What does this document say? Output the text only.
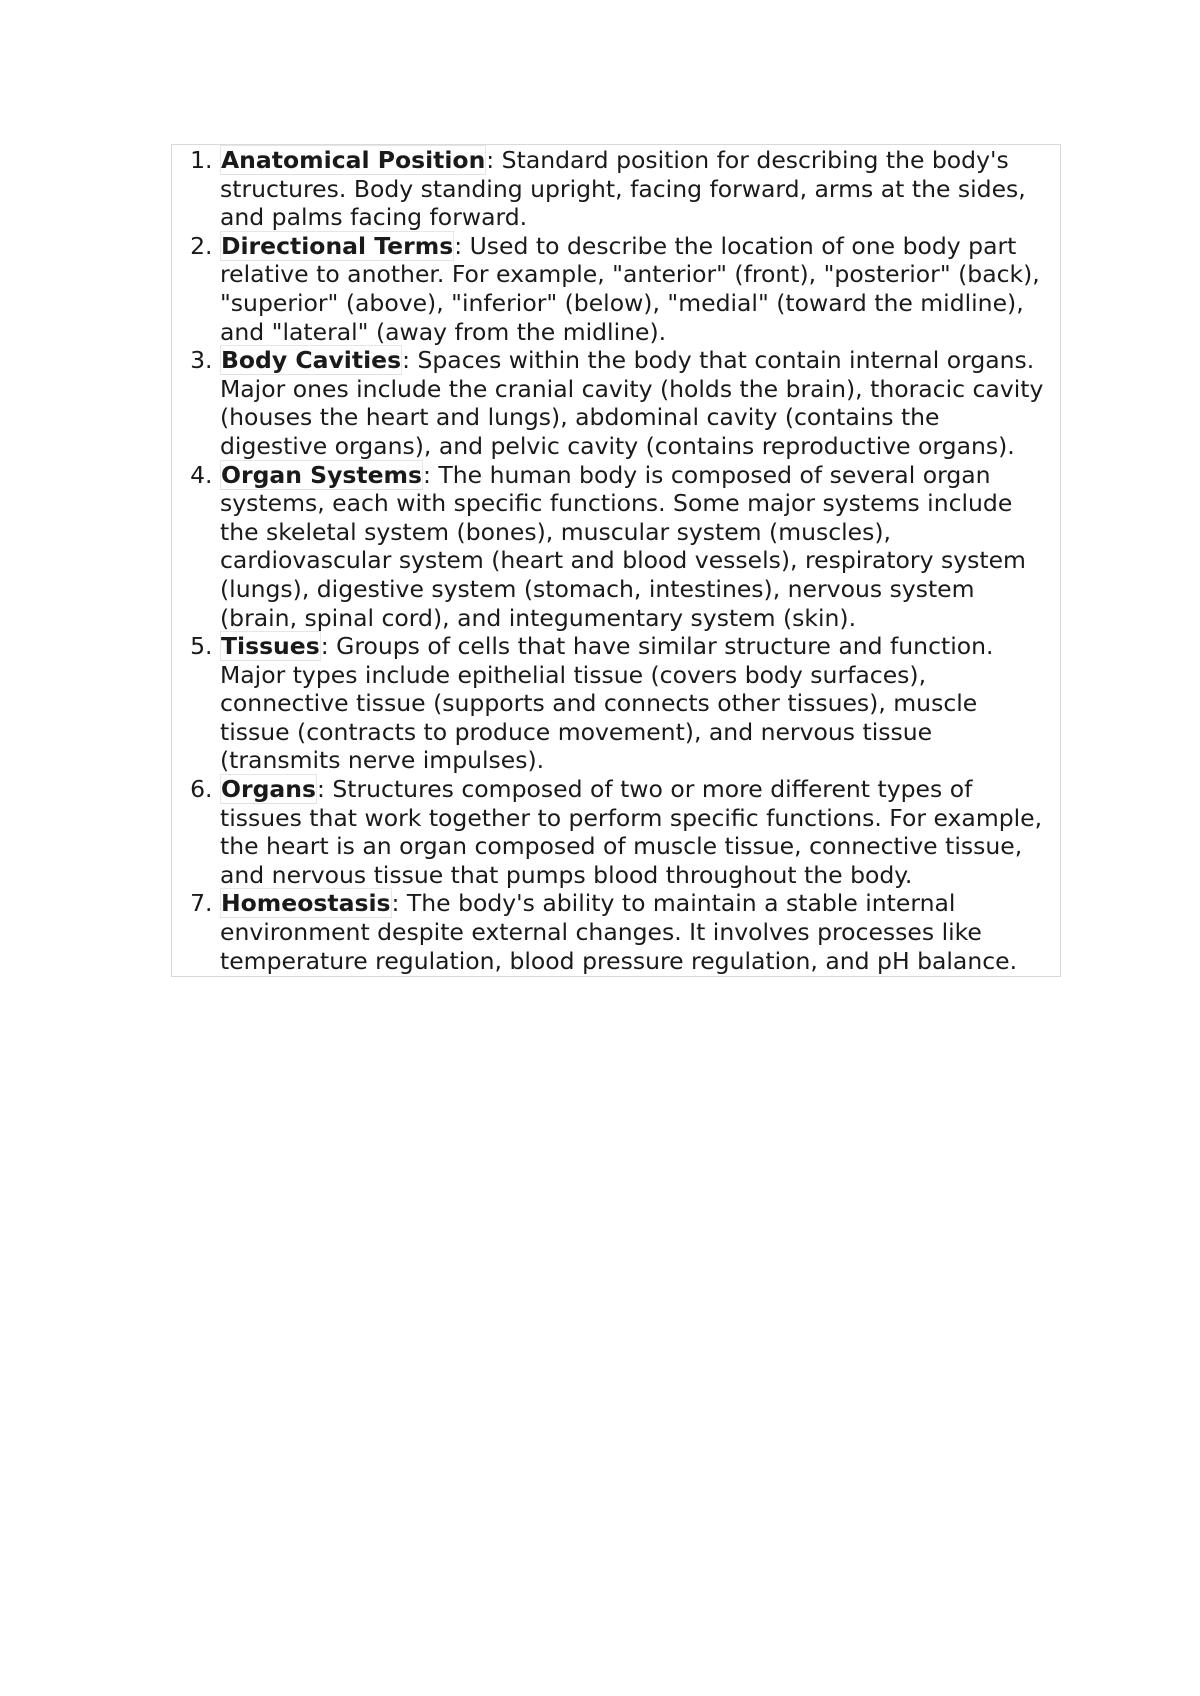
1. Anatomical Position: Standard position for describing the body's structures. Body standing upright, facing forward, arms at the sides, and palms facing forward.
2. Directional Terms: Used to describe the location of one body part relative to another. For example, "anterior" (front), "posterior" (back), "superior" (above), "inferior" (below), "medial" (toward the midline), and "lateral" (away from the midline).
3. Body Cavities: Spaces within the body that contain internal organs. Major ones include the cranial cavity (holds the brain), thoracic cavity (houses the heart and lungs), abdominal cavity (contains the digestive organs), and pelvic cavity (contains reproductive organs).
4. Organ Systems: The human body is composed of several organ systems, each with specific functions. Some major systems include the skeletal system (bones), muscular system (muscles), cardiovascular system (heart and blood vessels), respiratory system (lungs), digestive system (stomach, intestines), nervous system (brain, spinal cord), and integumentary system (skin).
5. Tissues: Groups of cells that have similar structure and function. Major types include epithelial tissue (covers body surfaces), connective tissue (supports and connects other tissues), muscle tissue (contracts to produce movement), and nervous tissue (transmits nerve impulses).
6. Organs: Structures composed of two or more different types of tissues that work together to perform specific functions. For example, the heart is an organ composed of muscle tissue, connective tissue, and nervous tissue that pumps blood throughout the body.
7. Homeostasis: The body's ability to maintain a stable internal environment despite external changes. It involves processes like temperature regulation, blood pressure regulation, and pH balance.
